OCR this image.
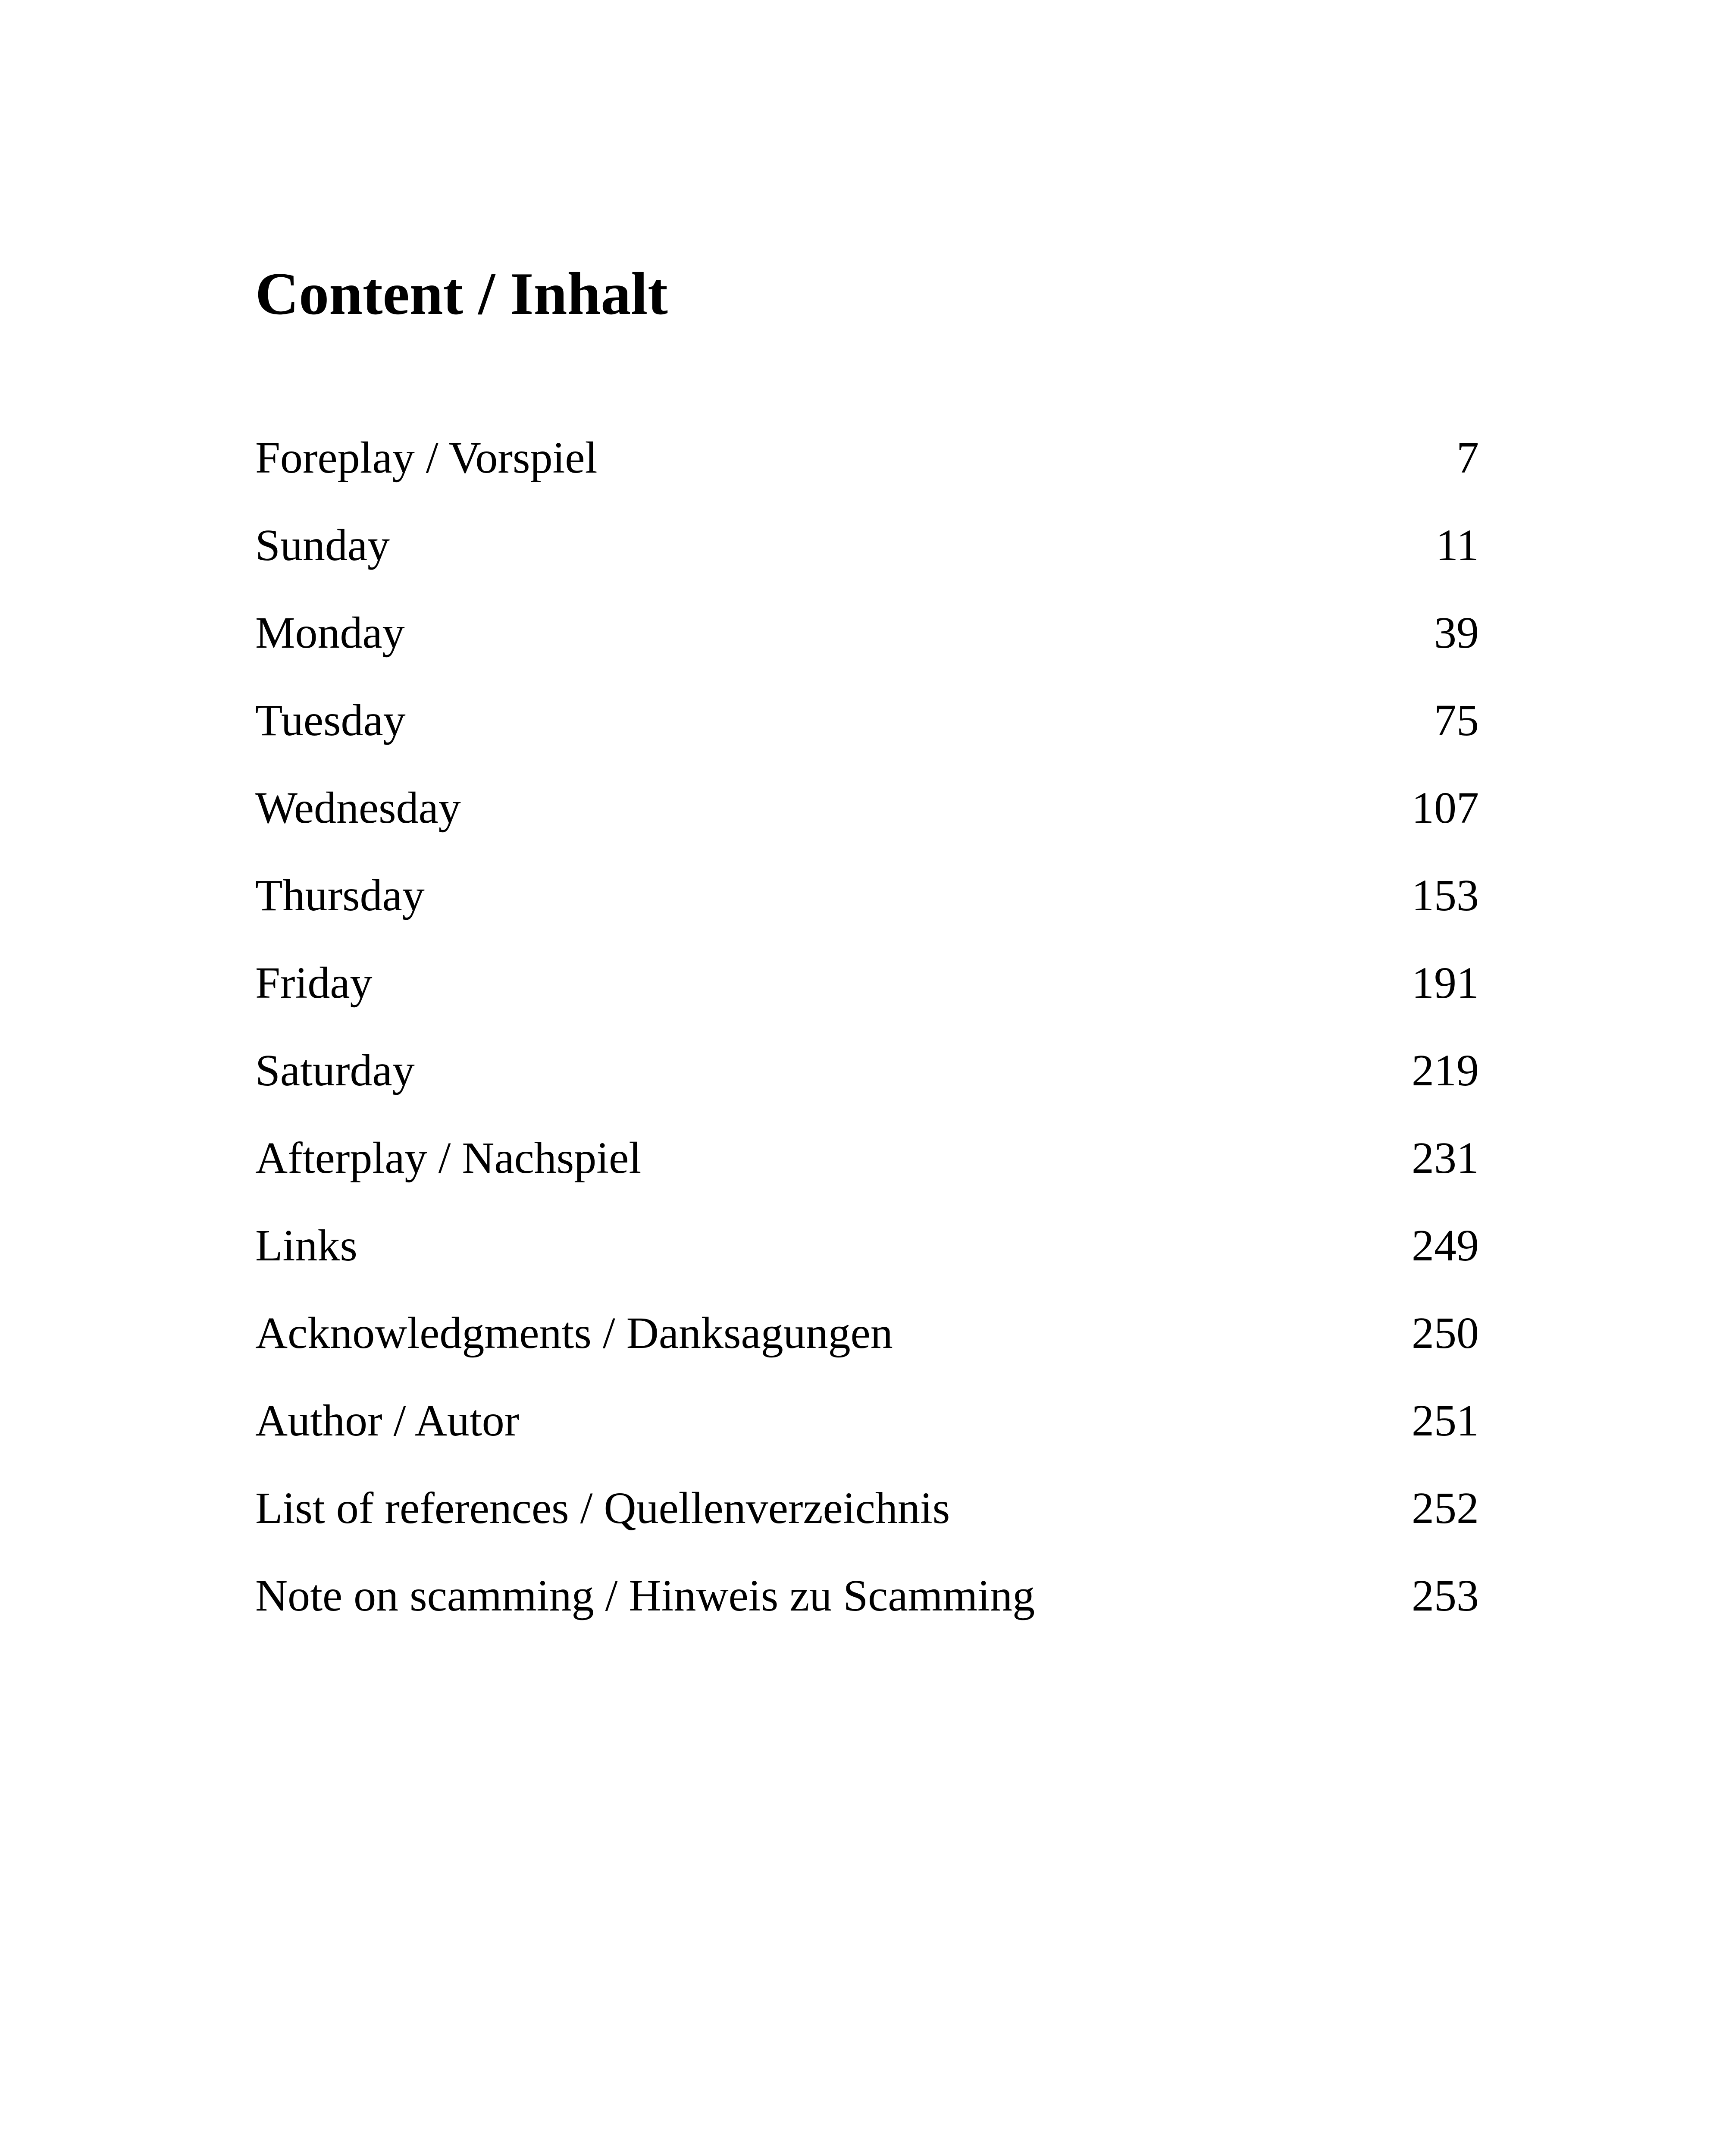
Content / Inhalt
Foreplay / Vorspiel	7
Sunday	11
Monday	39
Tuesday	75
Wednesday	107
Thursday	153
Friday	191
Saturday	219
Afterplay / Nachspiel	231
Links	249
Acknowledgments / Danksagungen	250
Author / Autor	251
List of references / Quellenverzeichnis	252
Note on scamming / Hinweis zu Scamming	253
